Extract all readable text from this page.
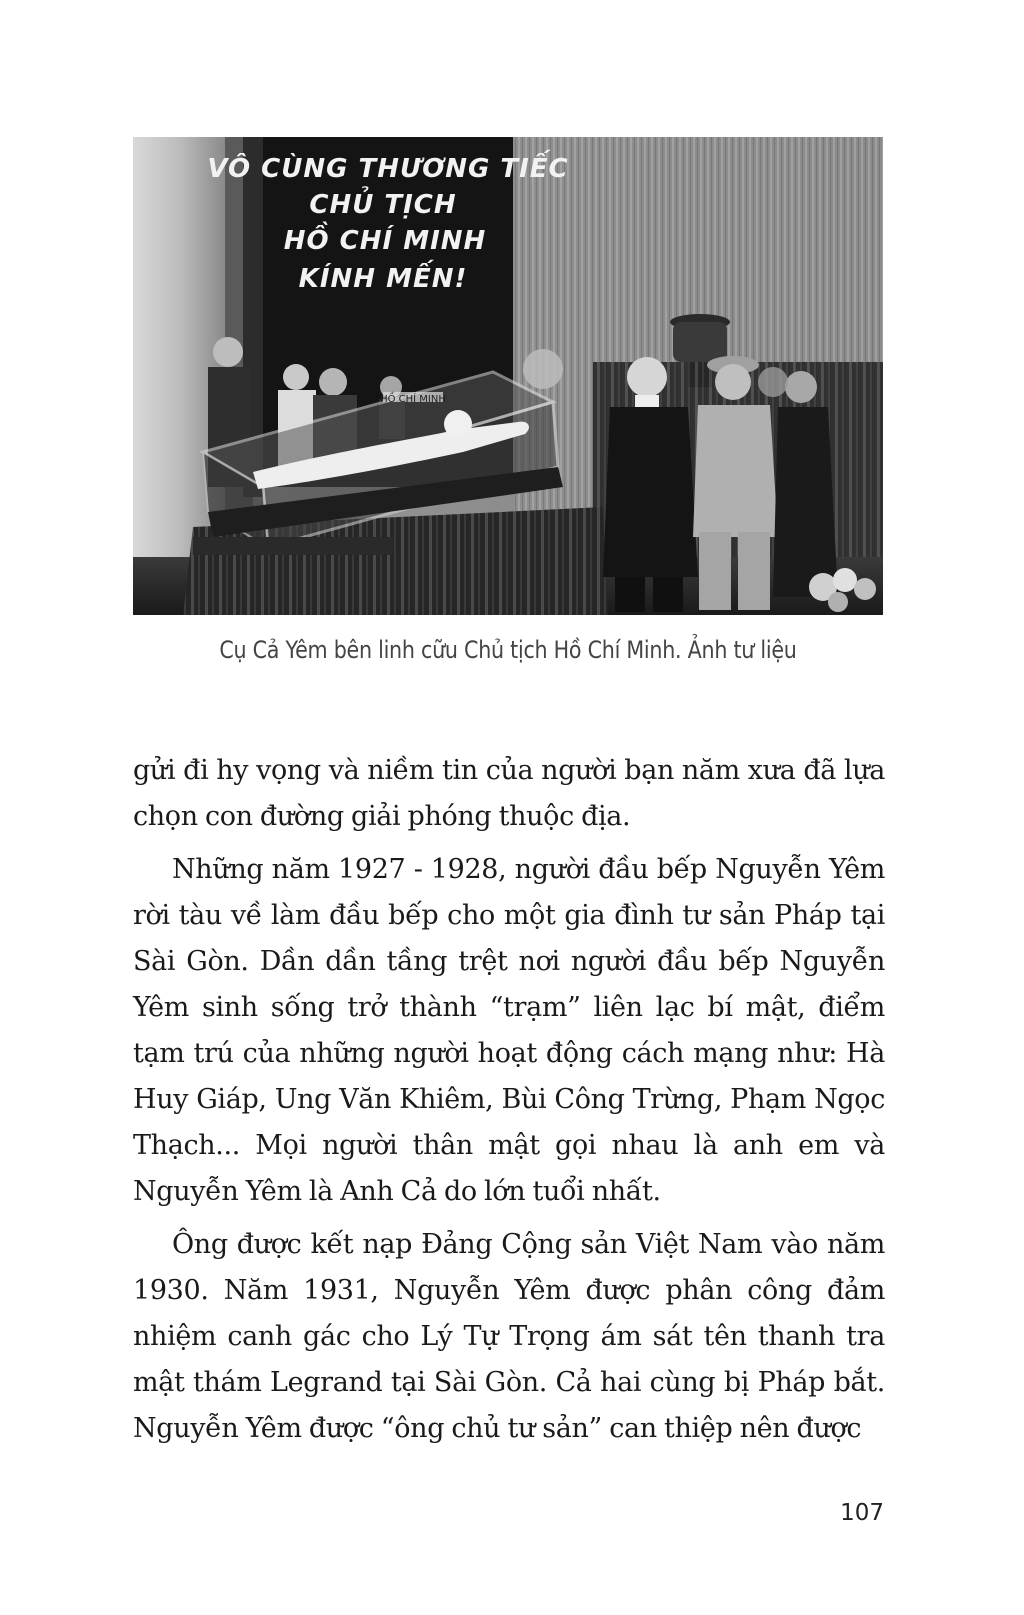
VÔ CÙNG THƯƠNG TIẾC
CHỦ TỊCH
HỒ CHÍ MINH
KÍNH MẾN!
HỒ CHÍ MINH
Cụ Cả Yêm bên linh cữu Chủ tịch Hồ Chí Minh. Ảnh tư liệu

gửi đi hy vọng và niềm tin của người bạn năm xưa đã lựa chọn con đường giải phóng thuộc địa.

Những năm 1927 - 1928, người đầu bếp Nguyễn Yêm rời tàu về làm đầu bếp cho một gia đình tư sản Pháp tại Sài Gòn. Dần dần tầng trệt nơi người đầu bếp Nguyễn Yêm sinh sống trở thành “trạm” liên lạc bí mật, điểm tạm trú của những người hoạt động cách mạng như: Hà Huy Giáp, Ung Văn Khiêm, Bùi Công Trừng, Phạm Ngọc Thạch... Mọi người thân mật gọi nhau là anh em và Nguyễn Yêm là Anh Cả do lớn tuổi nhất.

Ông được kết nạp Đảng Cộng sản Việt Nam vào năm 1930. Năm 1931, Nguyễn Yêm được phân công đảm nhiệm canh gác cho Lý Tự Trọng ám sát tên thanh tra mật thám Legrand tại Sài Gòn. Cả hai cùng bị Pháp bắt. Nguyễn Yêm được “ông chủ tư sản” can thiệp nên được

107
